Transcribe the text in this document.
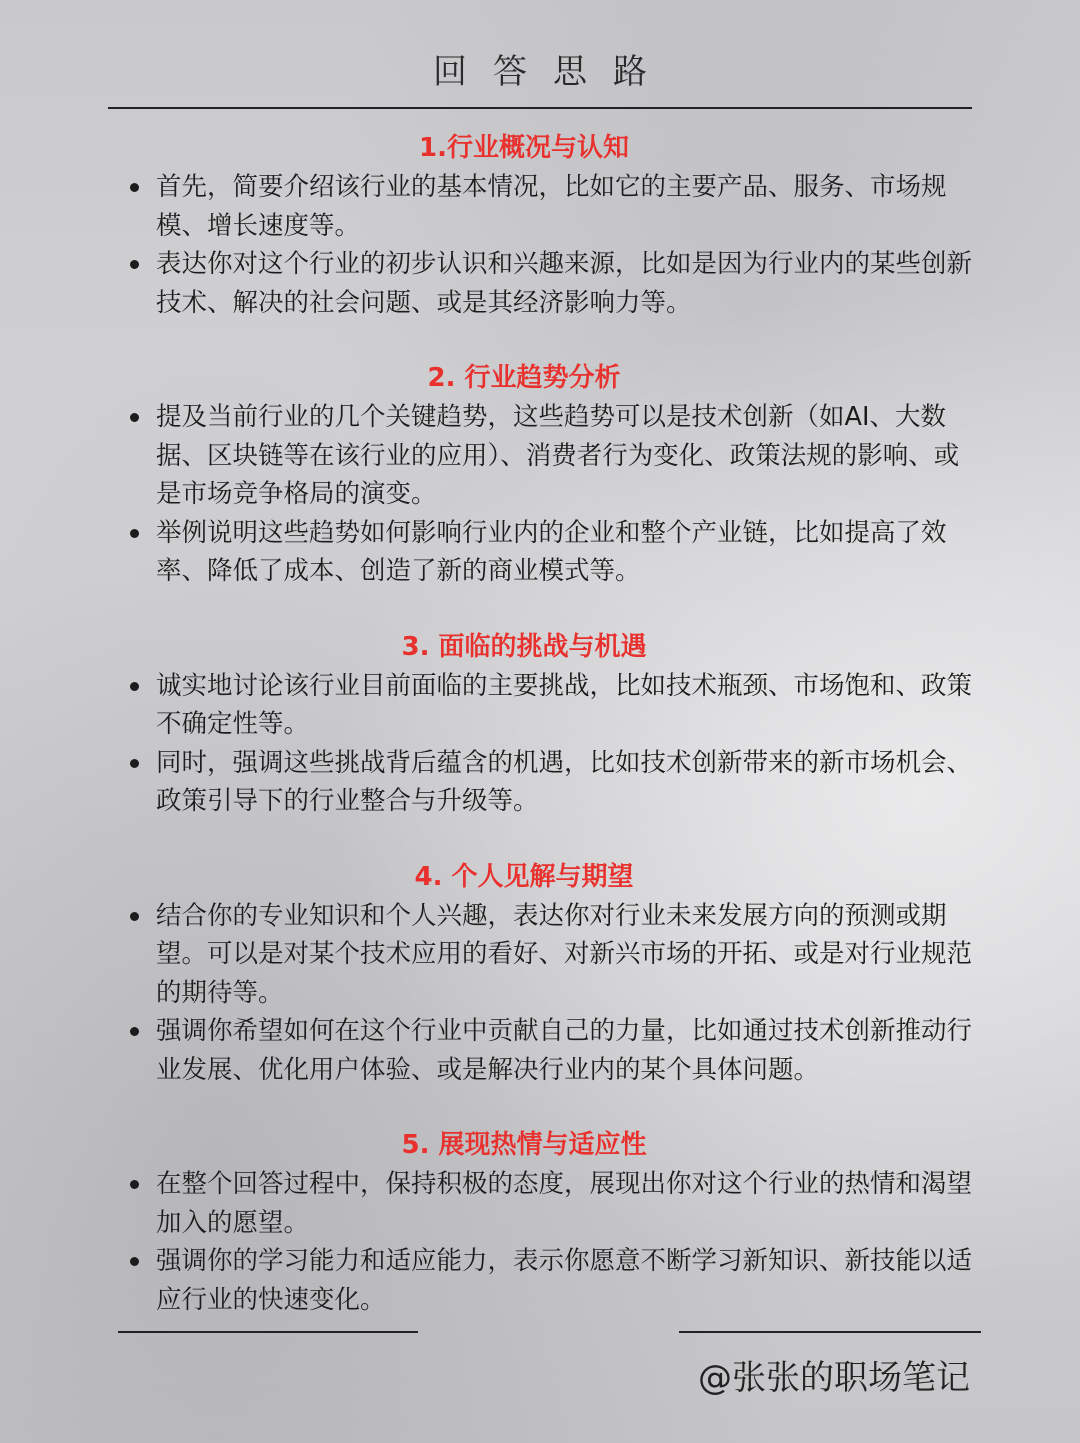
回答思路
1.行业概况与认知
首先，简要介绍该行业的基本情况，比如它的主要产品、服务、市场规模、增长速度等。
表达你对这个行业的初步认识和兴趣来源，比如是因为行业内的某些创新技术、解决的社会问题、或是其经济影响力等。
2. 行业趋势分析
提及当前行业的几个关键趋势，这些趋势可以是技术创新（如AI、大数据、区块链等在该行业的应用）、消费者行为变化、政策法规的影响、或是市场竞争格局的演变。
举例说明这些趋势如何影响行业内的企业和整个产业链，比如提高了效率、降低了成本、创造了新的商业模式等。
3. 面临的挑战与机遇
诚实地讨论该行业目前面临的主要挑战，比如技术瓶颈、市场饱和、政策不确定性等。
同时，强调这些挑战背后蕴含的机遇，比如技术创新带来的新市场机会、政策引导下的行业整合与升级等。
4. 个人见解与期望
结合你的专业知识和个人兴趣，表达你对行业未来发展方向的预测或期望。可以是对某个技术应用的看好、对新兴市场的开拓、或是对行业规范的期待等。
强调你希望如何在这个行业中贡献自己的力量，比如通过技术创新推动行业发展、优化用户体验、或是解决行业内的某个具体问题。
5. 展现热情与适应性
在整个回答过程中，保持积极的态度，展现出你对这个行业的热情和渴望加入的愿望。
强调你的学习能力和适应能力，表示你愿意不断学习新知识、新技能以适应行业的快速变化。
@张张的职场笔记
